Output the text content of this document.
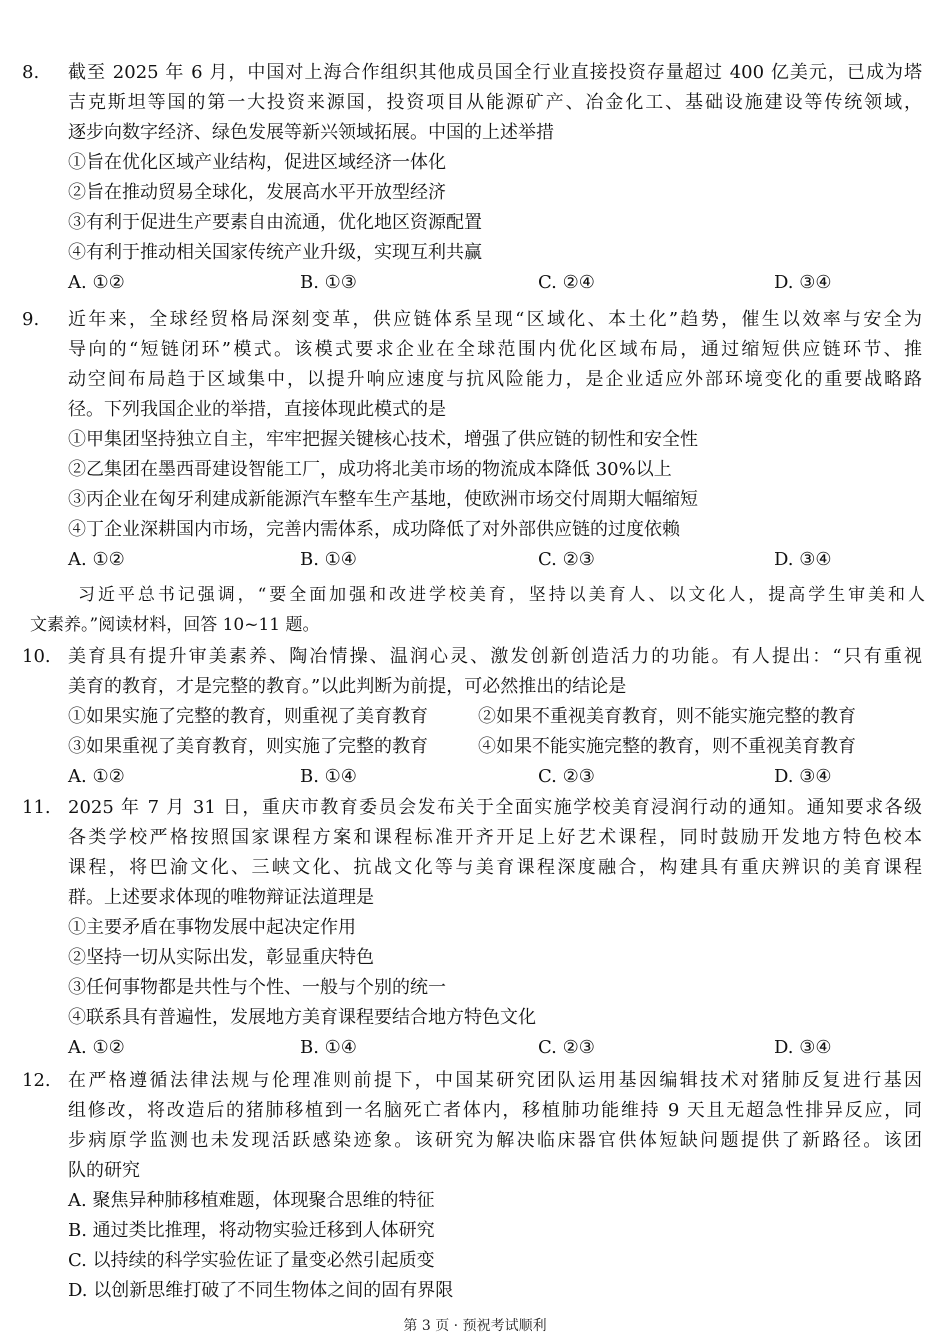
8. 截至 2025 年 6 月，中国对上海合作组织其他成员国全行业直接投资存量超过 400 亿美元，已成为塔
吉克斯坦等国的第一大投资来源国，投资项目从能源矿产、冶金化工、基础设施建设等传统领域，
逐步向数字经济、绿色发展等新兴领域拓展。中国的上述举措
①旨在优化区域产业结构，促进区域经济一体化
②旨在推动贸易全球化，发展高水平开放型经济
③有利于促进生产要素自由流通，优化地区资源配置
④有利于推动相关国家传统产业升级，实现互利共赢
A. ①②	B. ①③	C. ②④	D. ③④
9. 近年来，全球经贸格局深刻变革，供应链体系呈现“区域化、本土化”趋势，催生以效率与安全为
导向的“短链闭环”模式。该模式要求企业在全球范围内优化区域布局，通过缩短供应链环节、推
动空间布局趋于区域集中，以提升响应速度与抗风险能力，是企业适应外部环境变化的重要战略路
径。下列我国企业的举措，直接体现此模式的是
①甲集团坚持独立自主，牢牢把握关键核心技术，增强了供应链的韧性和安全性
②乙集团在墨西哥建设智能工厂，成功将北美市场的物流成本降低 30%以上
③丙企业在匈牙利建成新能源汽车整车生产基地，使欧洲市场交付周期大幅缩短
④丁企业深耕国内市场，完善内需体系，成功降低了对外部供应链的过度依赖
A. ①②	B. ①④	C. ②③	D. ③④
习近平总书记强调，“要全面加强和改进学校美育，坚持以美育人、以文化人，提高学生审美和人
文素养。”阅读材料，回答 10~11 题。
10. 美育具有提升审美素养、陶冶情操、温润心灵、激发创新创造活力的功能。有人提出：“只有重视
美育的教育，才是完整的教育。”以此判断为前提，可必然推出的结论是
①如果实施了完整的教育，则重视了美育教育	②如果不重视美育教育，则不能实施完整的教育
③如果重视了美育教育，则实施了完整的教育	④如果不能实施完整的教育，则不重视美育教育
A. ①②	B. ①④	C. ②③	D. ③④
11. 2025 年 7 月 31 日，重庆市教育委员会发布关于全面实施学校美育浸润行动的通知。通知要求各级
各类学校严格按照国家课程方案和课程标准开齐开足上好艺术课程，同时鼓励开发地方特色校本
课程，将巴渝文化、三峡文化、抗战文化等与美育课程深度融合，构建具有重庆辨识的美育课程
群。上述要求体现的唯物辩证法道理是
①主要矛盾在事物发展中起决定作用
②坚持一切从实际出发，彰显重庆特色
③任何事物都是共性与个性、一般与个别的统一
④联系具有普遍性，发展地方美育课程要结合地方特色文化
A. ①②	B. ①④	C. ②③	D. ③④
12. 在严格遵循法律法规与伦理准则前提下，中国某研究团队运用基因编辑技术对猪肺反复进行基因
组修改，将改造后的猪肺移植到一名脑死亡者体内，移植肺功能维持 9 天且无超急性排异反应，同
步病原学监测也未发现活跃感染迹象。该研究为解决临床器官供体短缺问题提供了新路径。该团
队的研究
A. 聚焦异种肺移植难题，体现聚合思维的特征
B. 通过类比推理，将动物实验迁移到人体研究
C. 以持续的科学实验佐证了量变必然引起质变
D. 以创新思维打破了不同生物体之间的固有界限
第 3 页 · 预祝考试顺利
